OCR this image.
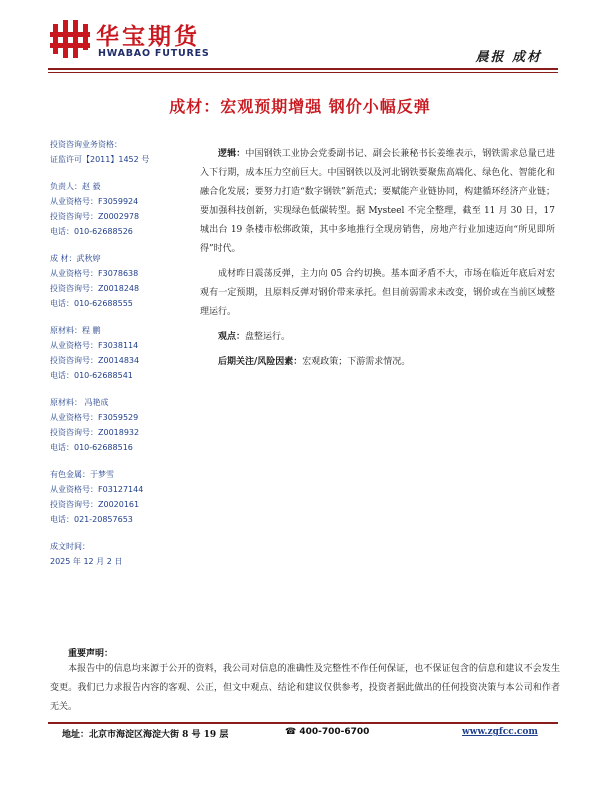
华宝期货
HWABAO FUTURES	晨报 成材
成材：宏观预期增强 钢价小幅反弹
投资咨询业务资格：
证监许可【2011】1452 号
负责人：赵 毅
从业资格号：F3059924
投资咨询号：Z0002978
电话：010-62688526
成 材：武秋婷
从业资格号：F3078638
投资咨询号：Z0018248
电话：010-62688555
原材料：程 鹏
从业资格号：F3038114
投资咨询号：Z0014834
电话：010-62688541
原材料： 冯艳成
从业资格号：F3059529
投资咨询号：Z0018932
电话：010-62688516
有色金属：于梦雪
从业资格号：F03127144
投资咨询号：Z0020161
电话：021-20857653
成文时间：
2025 年 12 月 2 日

逻辑：中国钢铁工业协会党委副书记、副会长兼秘书长姜维表示，钢铁需求总量已进入下行期，成本压力空前巨大。中国钢铁以及河北钢铁要聚焦高端化、绿色化、智能化和融合化发展；要努力打造“数字钢铁”新范式；要赋能产业链协同，构建循环经济产业链；要加强科技创新，实现绿色低碳转型。据 Mysteel 不完全整理，截至 11 月 30 日，17 城出台 19 条楼市松绑政策，其中多地推行全现房销售，房地产行业加速迈向“所见即所得”时代。

成材昨日震荡反弹，主力向 05 合约切换。基本面矛盾不大，市场在临近年底后对宏观有一定预期，且原料反弹对钢价带来承托。但目前弱需求未改变，钢价或在当前区域整理运行。

观点：盘整运行。

后期关注/风险因素：宏观政策；下游需求情况。

重要声明：
本报告中的信息均来源于公开的资料，我公司对信息的准确性及完整性不作任何保证，也不保证包含的信息和建议不会发生变更。我们已力求报告内容的客观、公正，但文中观点、结论和建议仅供参考，投资者据此做出的任何投资决策与本公司和作者无关。
地址：北京市海淀区海淀大街 8 号 19 层	☎ 400-700-6700	www.zgfcc.com
